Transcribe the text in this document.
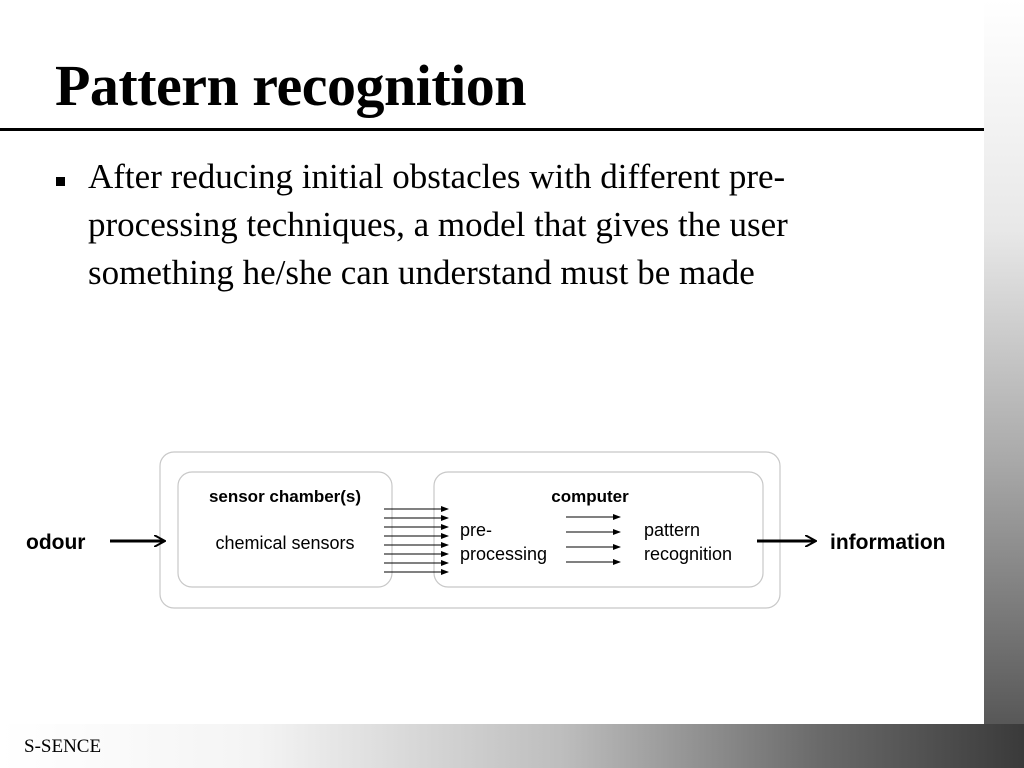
Pattern recognition

After reducing initial obstacles with different pre-processing techniques, a model that gives the user something he/she can understand must be made

odour	information
sensor chamber(s)
chemical sensors
computer
pre-
processing
pattern
recognition

S-SENCE
